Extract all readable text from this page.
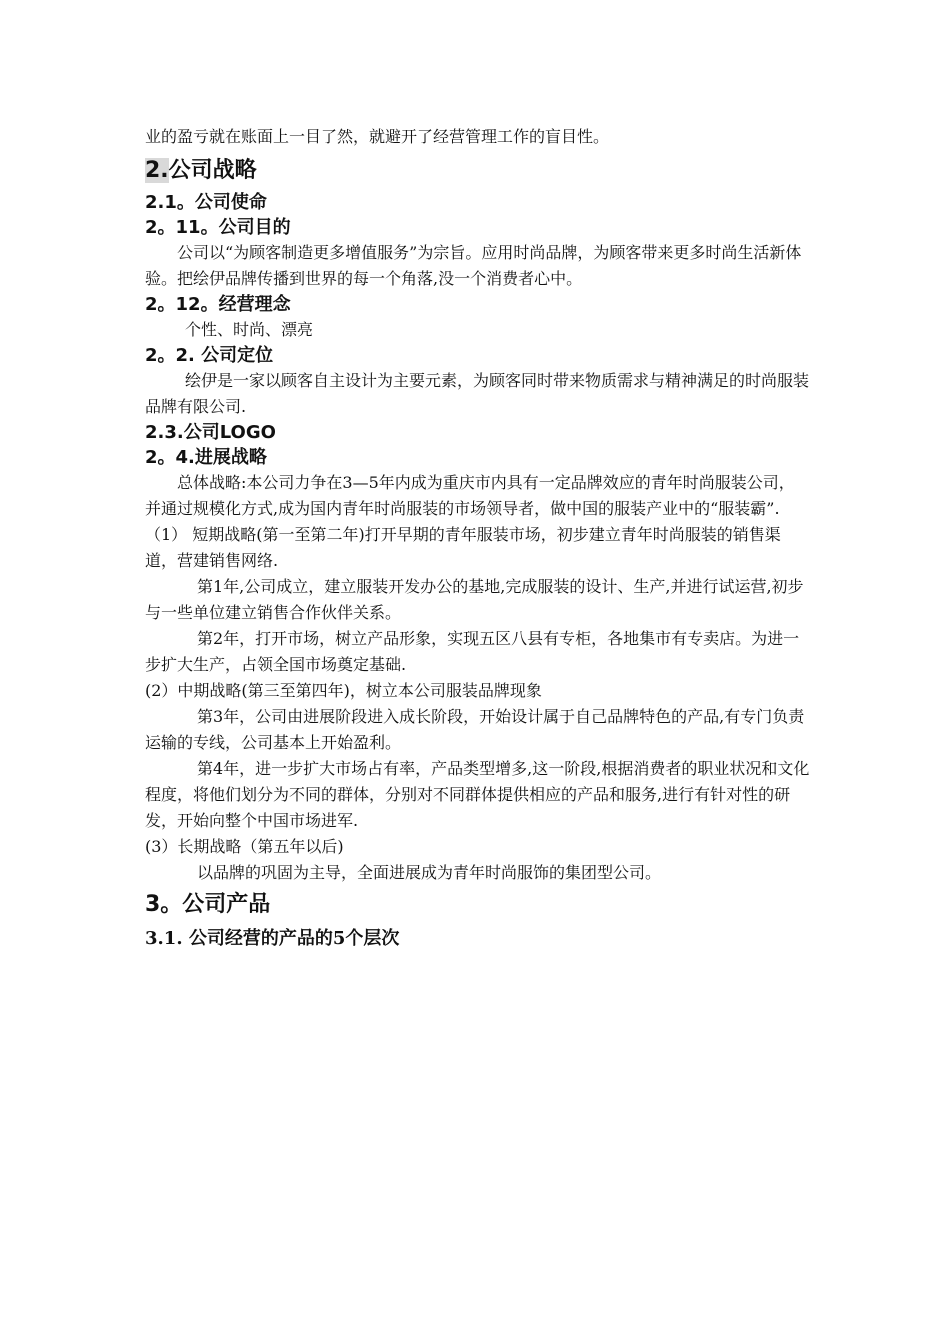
业的盈亏就在账面上一目了然，就避开了经营管理工作的盲目性。

2.公司战略
2.1。公司使命
2。11。公司目的

公司以“为顾客制造更多增值服务”为宗旨。应用时尚品牌，为顾客带来更多时尚生活新体验。把绘伊品牌传播到世界的每一个角落,没一个消费者心中。

2。12。经营理念

个性、时尚、漂亮

2。2. 公司定位

绘伊是一家以顾客自主设计为主要元素，为顾客同时带来物质需求与精神满足的时尚服装品牌有限公司.

2.3.公司LOGO
2。4.进展战略

总体战略:本公司力争在3—5年内成为重庆市内具有一定品牌效应的青年时尚服装公司，并通过规模化方式,成为国内青年时尚服装的市场领导者，做中国的服装产业中的“服装霸”.

（1） 短期战略(第一至第二年)打开早期的青年服装市场，初步建立青年时尚服装的销售渠道，营建销售网络.

第1年,公司成立，建立服装开发办公的基地,完成服装的设计、生产,并进行试运营,初步与一些单位建立销售合作伙伴关系。

第2年，打开市场，树立产品形象，实现五区八县有专柜，各地集市有专卖店。为进一步扩大生产，占领全国市场奠定基础.

(2）中期战略(第三至第四年)，树立本公司服装品牌现象

第3年，公司由进展阶段进入成长阶段，开始设计属于自己品牌特色的产品,有专门负责运输的专线，公司基本上开始盈利。

第4年，进一步扩大市场占有率，产品类型增多,这一阶段,根据消费者的职业状况和文化程度，将他们划分为不同的群体，分别对不同群体提供相应的产品和服务,进行有针对性的研发，开始向整个中国市场进军.

(3）长期战略（第五年以后)

以品牌的巩固为主导，全面进展成为青年时尚服饰的集团型公司。

3。公司产品
3.1. 公司经营的产品的5个层次
